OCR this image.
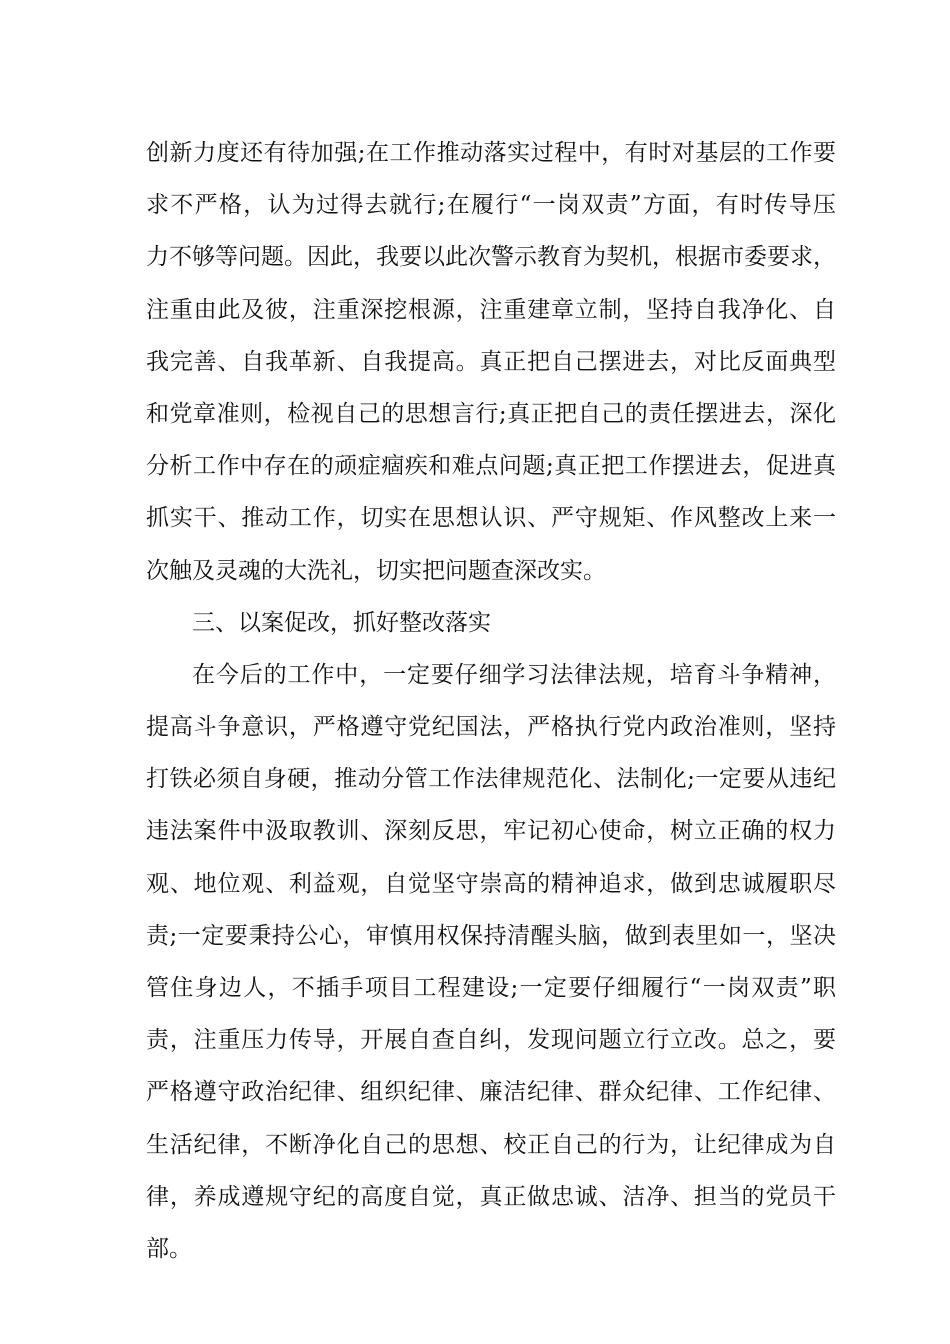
创新力度还有待加强;在工作推动落实过程中，有时对基层的工作要
求不严格，认为过得去就行;在履行“一岗双责”方面，有时传导压
力不够等问题。因此，我要以此次警示教育为契机，根据市委要求，
注重由此及彼，注重深挖根源，注重建章立制，坚持自我净化、自
我完善、自我革新、自我提高。真正把自己摆进去，对比反面典型
和党章准则，检视自己的思想言行;真正把自己的责任摆进去，深化
分析工作中存在的顽症痼疾和难点问题;真正把工作摆进去，促进真
抓实干、推动工作，切实在思想认识、严守规矩、作风整改上来一
次触及灵魂的大洗礼，切实把问题查深改实。
三、以案促改，抓好整改落实
在今后的工作中，一定要仔细学习法律法规，培育斗争精神，
提高斗争意识，严格遵守党纪国法，严格执行党内政治准则，坚持
打铁必须自身硬，推动分管工作法律规范化、法制化;一定要从违纪
违法案件中汲取教训、深刻反思，牢记初心使命，树立正确的权力
观、地位观、利益观，自觉坚守崇高的精神追求，做到忠诚履职尽
责;一定要秉持公心，审慎用权保持清醒头脑，做到表里如一，坚决
管住身边人，不插手项目工程建设;一定要仔细履行“一岗双责”职
责，注重压力传导，开展自查自纠，发现问题立行立改。总之，要
严格遵守政治纪律、组织纪律、廉洁纪律、群众纪律、工作纪律、
生活纪律，不断净化自己的思想、校正自己的行为，让纪律成为自
律，养成遵规守纪的高度自觉，真正做忠诚、洁净、担当的党员干
部。
